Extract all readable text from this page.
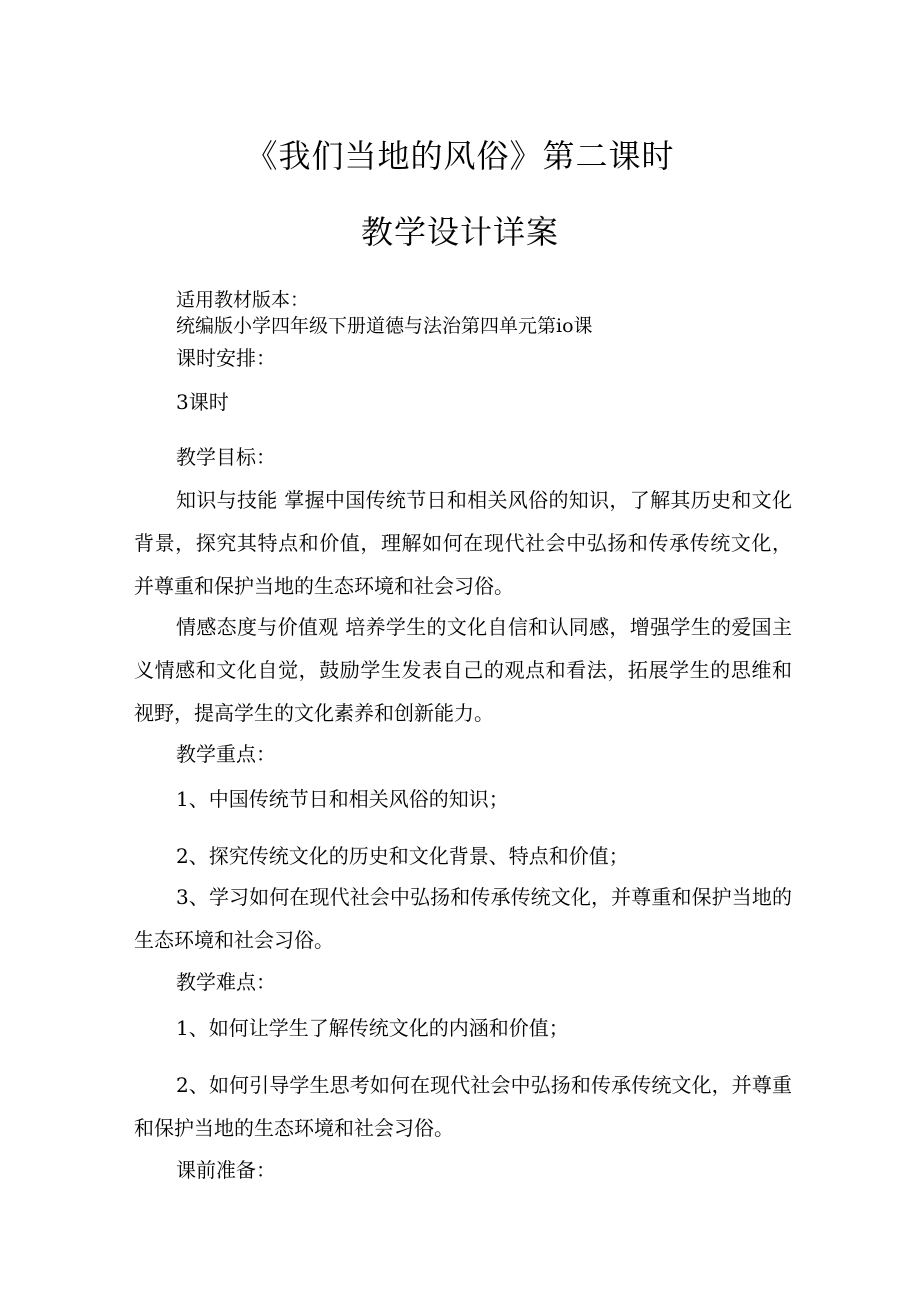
《我们当地的风俗》第二课时
教学设计详案
适用教材版本：
统编版小学四年级下册道德与法治第四单元第io课
课时安排：
3课时
教学目标：

知识与技能 掌握中国传统节日和相关风俗的知识，了解其历史和文化背景，探究其特点和价值，理解如何在现代社会中弘扬和传承传统文化，并尊重和保护当地的生态环境和社会习俗。

情感态度与价值观 培养学生的文化自信和认同感，增强学生的爱国主义情感和文化自觉，鼓励学生发表自己的观点和看法，拓展学生的思维和视野，提高学生的文化素养和创新能力。

教学重点：
1、中国传统节日和相关风俗的知识；
2、探究传统文化的历史和文化背景、特点和价值；

3、学习如何在现代社会中弘扬和传承传统文化，并尊重和保护当地的生态环境和社会习俗。

教学难点：
1、如何让学生了解传统文化的内涵和价值；

2、如何引导学生思考如何在现代社会中弘扬和传承传统文化，并尊重和保护当地的生态环境和社会习俗。

课前准备：
